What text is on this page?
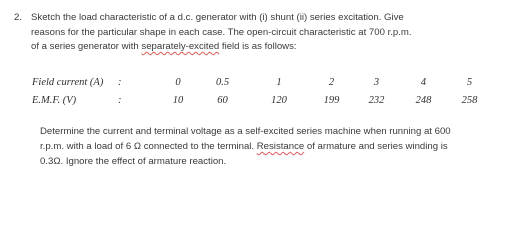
2. Sketch the load characteristic of a d.c. generator with (i) shunt (ii) series excitation. Give
reasons for the particular shape in each case. The open-circuit characteristic at 700 r.p.m.
of a series generator with separately-excited field is as follows:
Field current (A)	:	0	0.5	1	2	3	4	5
E.M.F. (V)	:	10	60	120	199	232	248	258
Determine the current and terminal voltage as a self-excited series machine when running at 600
r.p.m. with a load of 6 Ω connected to the terminal. Resistance of armature and series winding is
0.3Ω. Ignore the effect of armature reaction.
